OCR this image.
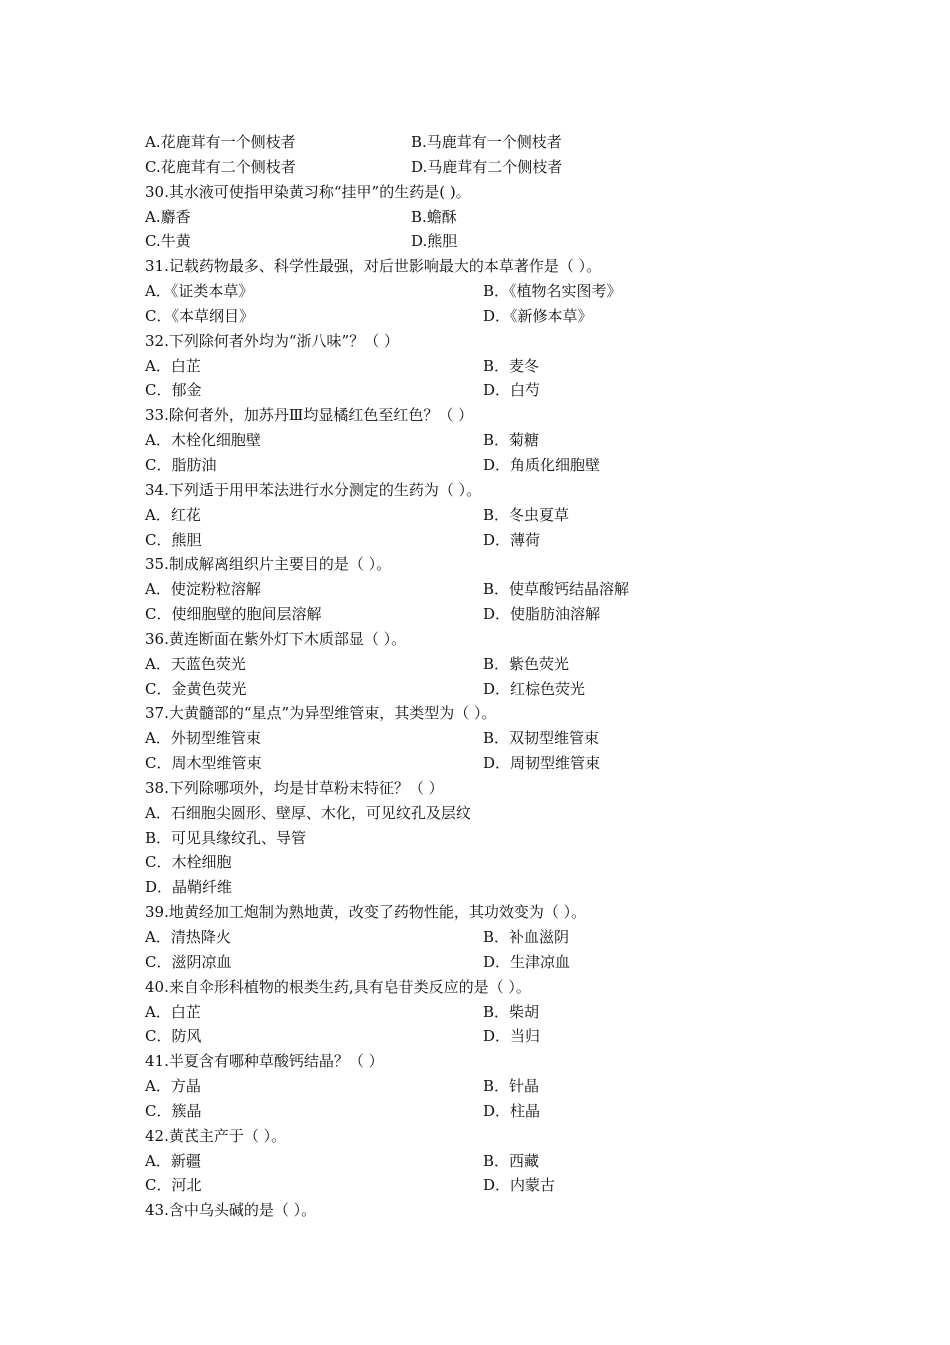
A.花鹿茸有一个侧枝者	B.马鹿茸有一个侧枝者
C.花鹿茸有二个侧枝者	D.马鹿茸有二个侧枝者
30.其水液可使指甲染黄习称“挂甲”的生药是( )。
A.麝香	B.蟾酥
C.牛黄	D.熊胆
31.记载药物最多、科学性最强，对后世影响最大的本草著作是（ ）。
A．《证类本草》	B．《植物名实图考》
C．《本草纲目》	D．《新修本草》
32.下列除何者外均为“浙八味”？（ ）
A．白芷	B．麦冬
C．郁金	D．白芍
33.除何者外，加苏丹Ⅲ均显橘红色至红色？（ ）
A．木栓化细胞壁	B．菊糖
C．脂肪油	D．角质化细胞壁
34.下列适于用甲苯法进行水分测定的生药为（ ）。
A．红花	B．冬虫夏草
C．熊胆	D．薄荷
35.制成解离组织片主要目的是（ ）。
A．使淀粉粒溶解	B．使草酸钙结晶溶解
C．使细胞壁的胞间层溶解	D．使脂肪油溶解
36.黄连断面在紫外灯下木质部显（ ）。
A．天蓝色荧光	B．紫色荧光
C．金黄色荧光	D．红棕色荧光
37.大黄髓部的“星点”为异型维管束，其类型为（ ）。
A．外韧型维管束	B．双韧型维管束
C．周木型维管束	D．周韧型维管束
38.下列除哪项外，均是甘草粉末特征？（ ）
A．石细胞尖圆形、壁厚、木化，可见纹孔及层纹
B．可见具缘纹孔、导管
C．木栓细胞
D．晶鞘纤维
39.地黄经加工炮制为熟地黄，改变了药物性能，其功效变为（ ）。
A．清热降火	B．补血滋阴
C．滋阴凉血	D．生津凉血
40.来自伞形科植物的根类生药,具有皂苷类反应的是（ ）。
A．白芷	B．柴胡
C．防风	D．当归
41.半夏含有哪种草酸钙结晶？（ ）
A．方晶	B．针晶
C．簇晶	D．柱晶
42.黄芪主产于（ ）。
A．新疆	B．西藏
C．河北	D．内蒙古
43.含中乌头碱的是（ ）。
